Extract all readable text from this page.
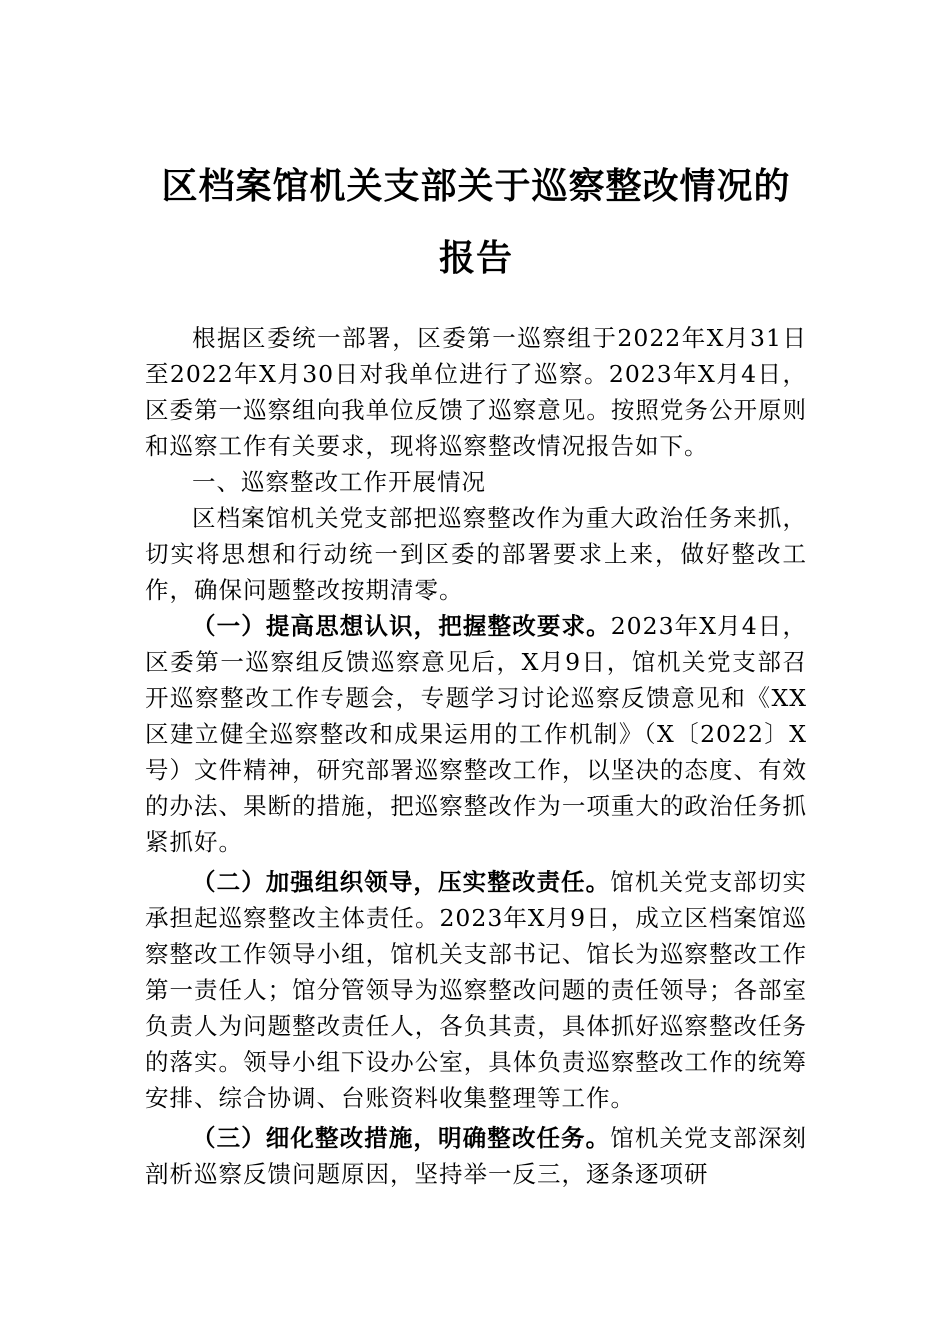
区档案馆机关支部关于巡察整改情况的报告

根据区委统一部署，区委第一巡察组于2022年X月31日至2022年X月30日对我单位进行了巡察。2023年X月4日，区委第一巡察组向我单位反馈了巡察意见。按照党务公开原则和巡察工作有关要求，现将巡察整改情况报告如下。

一、巡察整改工作开展情况

区档案馆机关党支部把巡察整改作为重大政治任务来抓，切实将思想和行动统一到区委的部署要求上来，做好整改工作，确保问题整改按期清零。

（一）提高思想认识，把握整改要求。2023年X月4日，区委第一巡察组反馈巡察意见后，X月9日，馆机关党支部召开巡察整改工作专题会，专题学习讨论巡察反馈意见和《XX区建立健全巡察整改和成果运用的工作机制》（X〔2022〕X号）文件精神，研究部署巡察整改工作，以坚决的态度、有效的办法、果断的措施，把巡察整改作为一项重大的政治任务抓紧抓好。

（二）加强组织领导，压实整改责任。馆机关党支部切实承担起巡察整改主体责任。2023年X月9日，成立区档案馆巡察整改工作领导小组，馆机关支部书记、馆长为巡察整改工作第一责任人；馆分管领导为巡察整改问题的责任领导；各部室负责人为问题整改责任人，各负其责，具体抓好巡察整改任务的落实。领导小组下设办公室，具体负责巡察整改工作的统筹安排、综合协调、台账资料收集整理等工作。

（三）细化整改措施，明确整改任务。馆机关党支部深刻剖析巡察反馈问题原因，坚持举一反三，逐条逐项研
